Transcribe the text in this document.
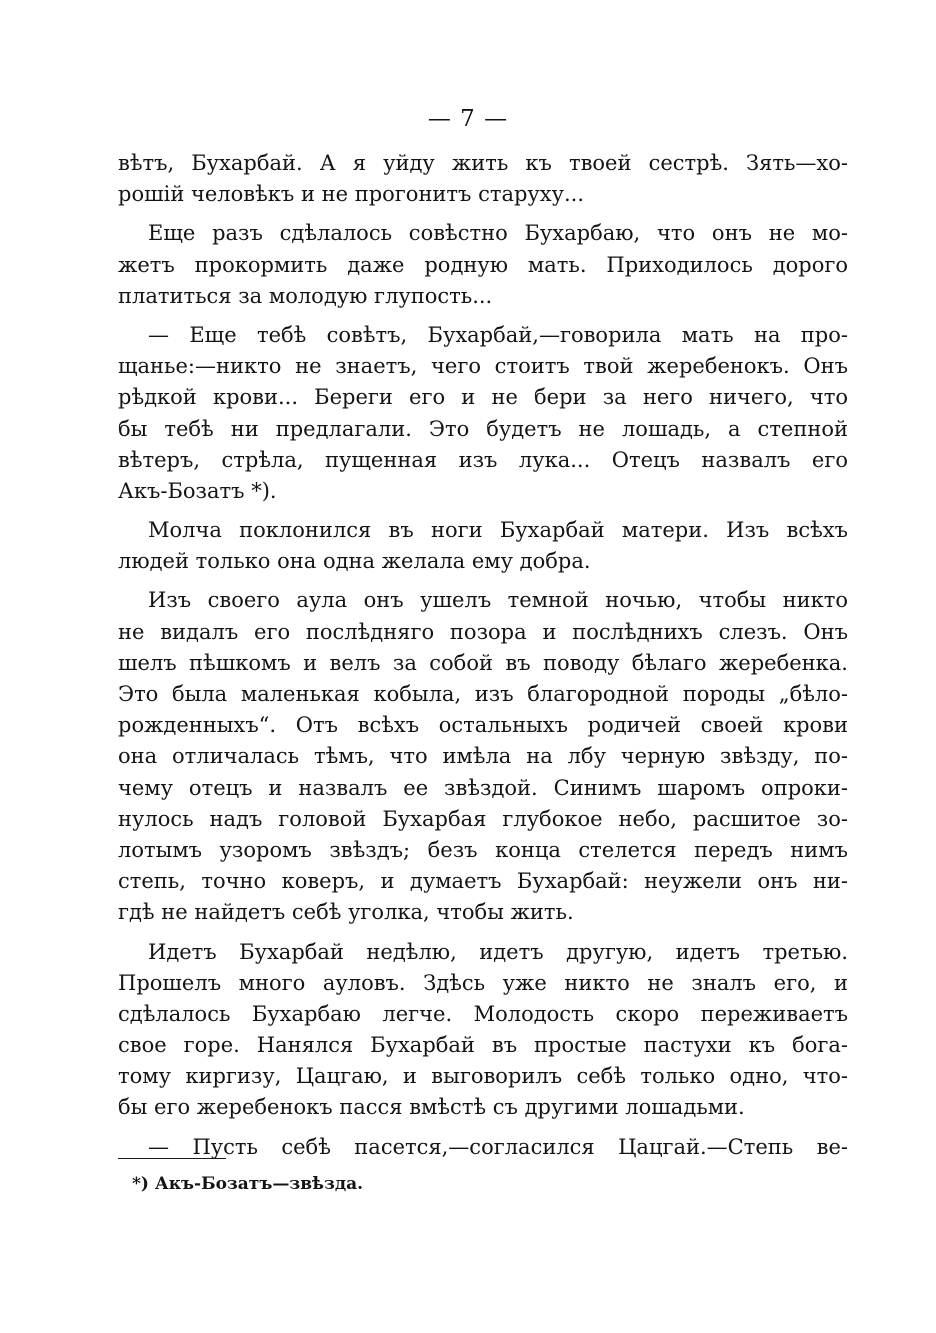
— 7 —
вѣтъ, Бухарбай. А я уйду жить къ твоей сестрѣ. Зять—хо-
рошій человѣкъ и не прогонитъ старуху...
Еще разъ сдѣлалось совѣстно Бухарбаю, что онъ не мо-
жетъ прокормить даже родную мать. Приходилось дорого
платиться за молодую глупость...
— Еще тебѣ совѣтъ, Бухарбай,—говорила мать на про-
щанье:—никто не знаетъ, чего стоитъ твой жеребенокъ. Онъ
рѣдкой крови... Береги его и не бери за него ничего, что
бы тебѣ ни предлагали. Это будетъ не лошадь, а степной
вѣтеръ, стрѣла, пущенная изъ лука... Отецъ назвалъ его
Акъ-Бозатъ *).
Молча поклонился въ ноги Бухарбай матери. Изъ всѣхъ
людей только она одна желала ему добра.
Изъ своего аула онъ ушелъ темной ночью, чтобы никто
не видалъ его послѣдняго позора и послѣднихъ слезъ. Онъ
шелъ пѣшкомъ и велъ за собой въ поводу бѣлаго жеребенка.
Это была маленькая кобыла, изъ благородной породы „бѣло-
рожденныхъ“. Отъ всѣхъ остальныхъ родичей своей крови
она отличалась тѣмъ, что имѣла на лбу черную звѣзду, по-
чему отецъ и назвалъ ее звѣздой. Синимъ шаромъ опроки-
нулось надъ головой Бухарбая глубокое небо, расшитое зо-
лотымъ узоромъ звѣздъ; безъ конца стелется передъ нимъ
степь, точно коверъ, и думаетъ Бухарбай: неужели онъ ни-
гдѣ не найдетъ себѣ уголка, чтобы жить.
Идетъ Бухарбай недѣлю, идетъ другую, идетъ третью.
Прошелъ много ауловъ. Здѣсь уже никто не зналъ его, и
сдѣлалось Бухарбаю легче. Молодость скоро переживаетъ
свое горе. Нанялся Бухарбай въ простые пастухи къ бога-
тому киргизу, Цацгаю, и выговорилъ себѣ только одно, что-
бы его жеребенокъ пасся вмѣстѣ съ другими лошадьми.
— Пусть себѣ пасется,—согласился Цацгай.—Степь ве-
*) Акъ-Бозатъ—звѣзда.
